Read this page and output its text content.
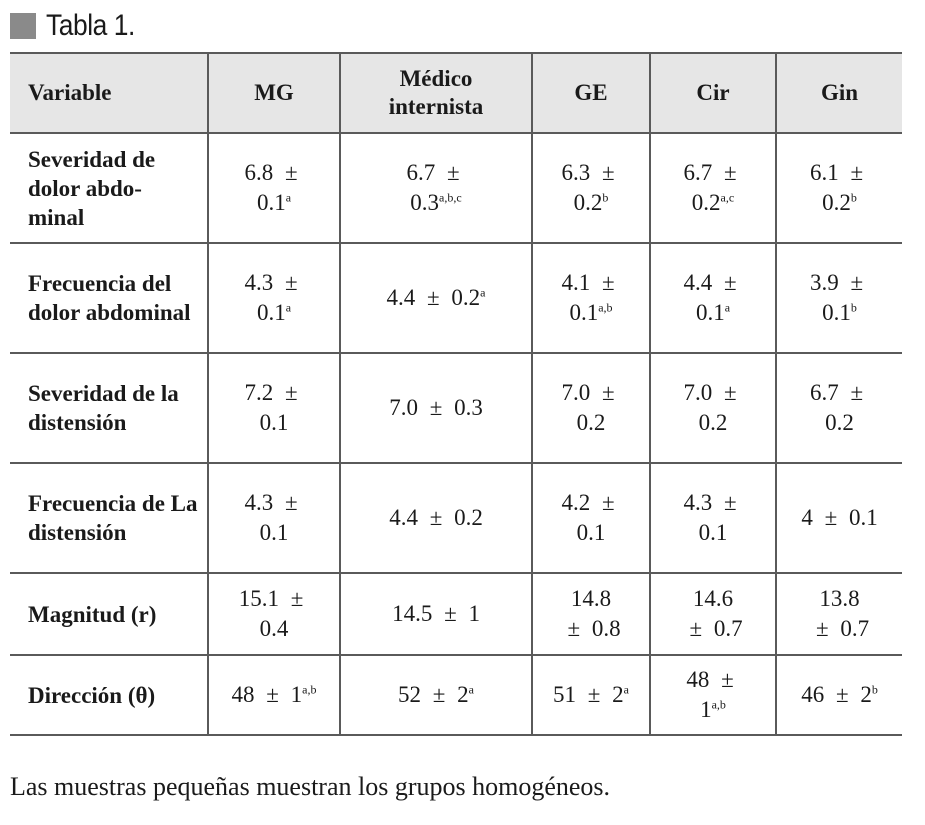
Tabla 1.
Variable	MG	Médico internista	GE	Cir	Gin
Severidad de dolor abdo- minal	6.8 ± 0.1$^a$	$6.7 \pm 0.3^{a,b,c}$	6.3 ± 0.2$^b$	$6.7 \pm 0.2^{a,c}$	6.1 ± 0.2$^b$

Frecuencia del dolor abdominal	4.3 ± 0.1$^a$	4.4 ± 0.2$^a$	$4.1 \pm 0.1^{a,b}$	4.4 ± 0.1$^a$	3.9 ± 0.1$^b$

Severidad de la distensión	7.2 ± 0.1	7.0 ± 0.3	7.0 ± 0.2	7.0 ± 0.2	6.7 ± 0.2

Frecuencia de La distensión	4.3 ± 0.1	4.4 ± 0.2	4.2 ± 0.1	4.3 ± 0.1	4 ± 0.1

Magnitud (r)	15.1 ± 0.4	14.5 ± 1	14.8 ± 0.8	14.6 ± 0.7	13.8 ± 0.7

Dirección (θ)	$48 \pm 1^{a,b}$	$52 \pm 2^a$	$51 \pm 2^a$	$48 \pm 1^{a,b}$	$46 \pm 2^b$
Las muestras pequeñas muestran los grupos homogéneos.
